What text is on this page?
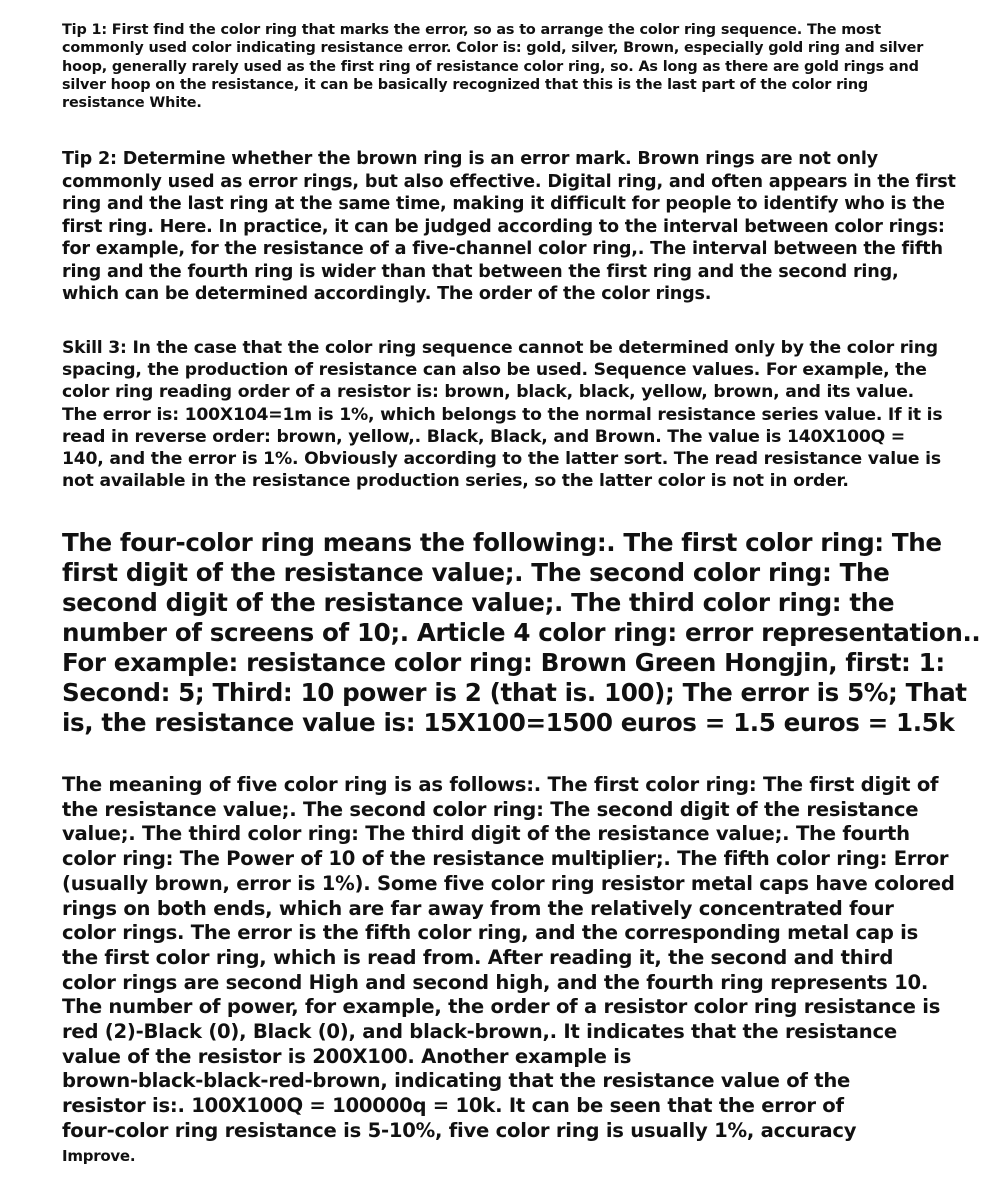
Tip 1: First find the color ring that marks the error, so as to arrange the color ring sequence. The most
commonly used color indicating resistance error. Color is: gold, silver, Brown, especially gold ring and silver
hoop, generally rarely used as the first ring of resistance color ring, so. As long as there are gold rings and
silver hoop on the resistance, it can be basically recognized that this is the last part of the color ring
resistance White.
Tip 2: Determine whether the brown ring is an error mark. Brown rings are not only
commonly used as error rings, but also effective. Digital ring, and often appears in the first
ring and the last ring at the same time, making it difficult for people to identify who is the
first ring. Here. In practice, it can be judged according to the interval between color rings:
for example, for the resistance of a five-channel color ring,. The interval between the fifth
ring and the fourth ring is wider than that between the first ring and the second ring,
which can be determined accordingly. The order of the color rings.
Skill 3: In the case that the color ring sequence cannot be determined only by the color ring
spacing, the production of resistance can also be used. Sequence values. For example, the
color ring reading order of a resistor is: brown, black, black, yellow, brown, and its value.
The error is: 100X104=1m is 1%, which belongs to the normal resistance series value. If it is
read in reverse order: brown, yellow,. Black, Black, and Brown. The value is 140X100Q =
140, and the error is 1%. Obviously according to the latter sort. The read resistance value is
not available in the resistance production series, so the latter color is not in order.
The four-color ring means the following:. The first color ring: The
first digit of the resistance value;. The second color ring: The
second digit of the resistance value;. The third color ring: the
number of screens of 10;. Article 4 color ring: error representation..
For example: resistance color ring: Brown Green Hongjin, first: 1:
Second: 5; Third: 10 power is 2 (that is. 100); The error is 5%; That
is, the resistance value is: 15X100=1500 euros = 1.5 euros = 1.5k
The meaning of five color ring is as follows:. The first color ring: The first digit of
the resistance value;. The second color ring: The second digit of the resistance
value;. The third color ring: The third digit of the resistance value;. The fourth
color ring: The Power of 10 of the resistance multiplier;. The fifth color ring: Error
(usually brown, error is 1%). Some five color ring resistor metal caps have colored
rings on both ends, which are far away from the relatively concentrated four
color rings. The error is the fifth color ring, and the corresponding metal cap is
the first color ring, which is read from. After reading it, the second and third
color rings are second High and second high, and the fourth ring represents 10.
The number of power, for example, the order of a resistor color ring resistance is
red (2)-Black (0), Black (0), and black-brown,. It indicates that the resistance
value of the resistor is 200X100. Another example is
brown-black-black-red-brown, indicating that the resistance value of the
resistor is:. 100X100Q = 100000q = 10k. It can be seen that the error of
four-color ring resistance is 5-10%, five color ring is usually 1%, accuracy
Improve.
